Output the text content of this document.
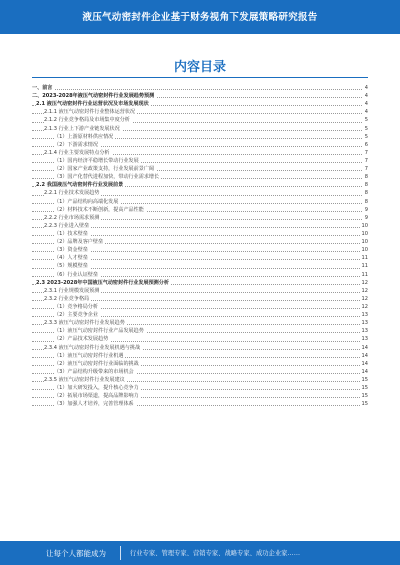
液压气动密封件企业基于财务视角下发展策略研究报告
内容目录
一、前言	4
二、2023-2028年液压气动密封件行业发展趋势预测	4
2.1 液压气动密封件行业运营状况及市场发展现状	4
2.1.1 液压气动密封件行业整体运营状况	4
2.1.2 行业竞争格局及市场集中度分析	5
2.1.3 行业上下游产业链发展状况	5
（1）上游原材料供应情况	5
（2）下游需求情况	6
2.1.4 行业主要发展特点分析	7
（1）国内经济平稳增长带动行业发展	7
（2）国家产业政策支持，行业发展前景广阔	7
（3）国产化替代进程加快，带动行业需求增长	8
2.2 我国液压气动密封件行业发展前景	8
2.2.1 行业技术发展趋势	8
（1）产品结构向高端化发展	8
（2）材料技术不断创新，提高产品性能	9
2.2.2 行业市场需求预测	9
2.2.3 行业进入壁垒	10
（1）技术壁垒	10
（2）品牌及客户壁垒	10
（3）资金壁垒	10
（4）人才壁垒	11
（5）规模壁垒	11
（6）行业认证壁垒	11
2.3 2023-2028年中国液压气动密封件行业发展预测分析	12
2.3.1 行业规模发展预测	12
2.3.2 行业竞争格局	12
（1）竞争格局分析	12
（2）主要竞争企业	13
2.3.3 液压气动密封件行业发展趋势	13
（1）液压气动密封件行业产品发展趋势	13
（2）产品技术发展趋势	13
2.3.4 液压气动密封件行业发展机遇与挑战	14
（1）液压气动密封件行业机遇	14
（2）液压气动密封件行业面临的挑战	14
（3）产品结构升级带来的市场机会	14
2.3.5 液压气动密封件行业发展建议	15
（1）加大研发投入，提升核心竞争力	15
（2）拓展市场渠道，提高品牌影响力	15
（3）加强人才培养，完善管理体系	15
让每个人都能成为	行业专家、管理专家、营销专家、战略专家、成功企业家……
